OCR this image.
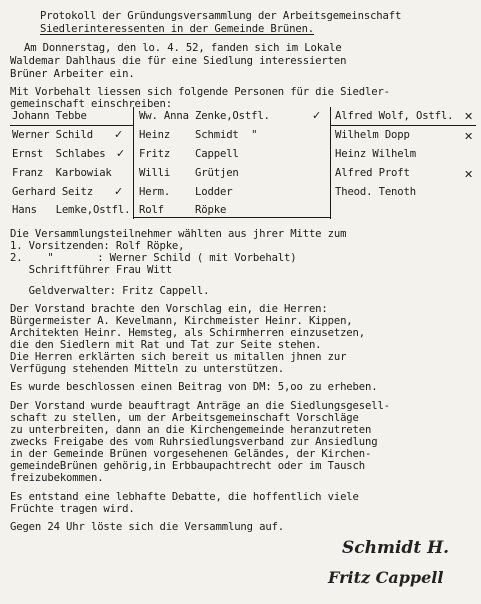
Protokoll der Gründungsversammlung der Arbeitsgemeinschaft
Siedlerinteressenten in der Gemeinde Brünen.
Am Donnerstag, den lo. 4. 52, fanden sich im Lokale
Waldemar Dahlhaus die für eine Siedlung interessierten
Brüner Arbeiter ein.
Mit Vorbehalt liessen sich folgende Personen für die Siedler-
gemeinschaft einschreiben:
Johann Tebbe
Werner Schild
Ernst  Schlabes
Franz  Karbowiak
Gerhard Seitz
Hans   Lemke,Ostfl.
Ww. Anna Zenke,Ostfl.
Heinz    Schmidt  "
Fritz    Cappell
Willi    Grütjen
Herm.    Lodder
Rolf     Röpke
Alfred Wolf, Ostfl.
Wilhelm Dopp
Heinz Wilhelm
Alfred Proft
Theod. Tenoth
✓
✓
✓
✓	✕
✕
✕
Die Versammlungsteilnehmer wählten aus jhrer Mitte zum
1. Vorsitzenden: Rolf Röpke,
2.    "       : Werner Schild ( mit Vorbehalt)
Schriftführer Frau Witt
Geldverwalter: Fritz Cappell.
Der Vorstand brachte den Vorschlag ein, die Herren:
Bürgermeister A. Kevelmann, Kirchmeister Heinr. Kippen,
Architekten Heinr. Hemsteg, als Schirmherren einzusetzen,
die den Siedlern mit Rat und Tat zur Seite stehen.
Die Herren erklärten sich bereit us mitallen jhnen zur
Verfügung stehenden Mitteln zu unterstützen.
Es wurde beschlossen einen Beitrag von DM: 5,oo zu erheben.
Der Vorstand wurde beauftragt Anträge an die Siedlungsgesell-
schaft zu stellen, um der Arbeitsgemeinschaft Vorschläge
zu unterbreiten, dann an die Kirchengemeinde heranzutreten
zwecks Freigabe des vom Ruhrsiedlungsverband zur Ansiedlung
in der Gemeinde Brünen vorgesehenen Geländes, der Kirchen-
gemeindeBrünen gehörig,in Erbbaupachtrecht oder im Tausch
freizubekommen.
Es entstand eine lebhafte Debatte, die hoffentlich viele
Früchte tragen wird.
Gegen 24 Uhr löste sich die Versammlung auf.
Schmidt H.
Fritz Cappell
